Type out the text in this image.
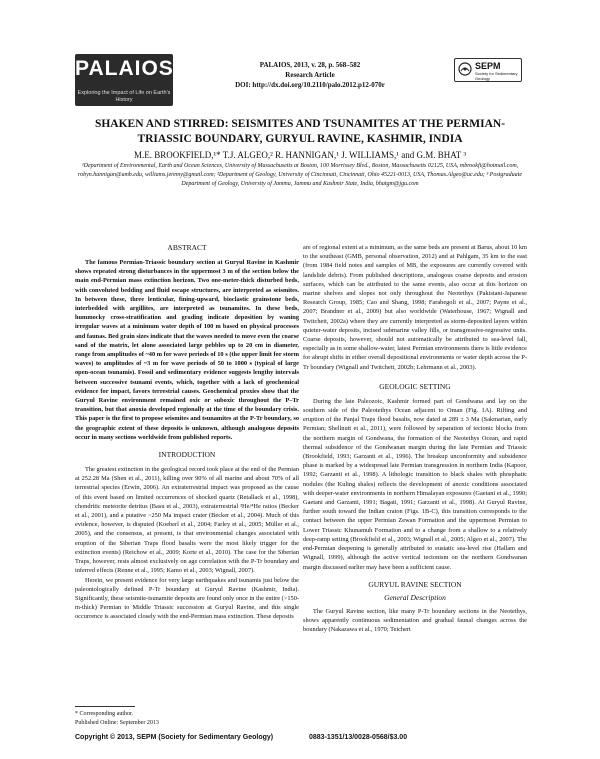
PALAIOS
Exploring the Impact of Life on Earth's History
PALAIOS, 2013, v. 28, p. 568–582
Research Article
DOI: http://dx.doi.org/10.2110/palo.2012.p12-070r
SEPM
Society for Sedimentary Geology
SHAKEN AND STIRRED: SEISMITES AND TSUNAMITES AT THE PERMIAN-TRIASSIC BOUNDARY, GURYUL RAVINE, KASHMIR, INDIA
M.E. BROOKFIELD,¹* T.J. ALGEO,² R. HANNIGAN,¹ J. WILLIAMS,¹ and G.M. BHAT ³
¹Department of Environmental, Earth and Ocean Sciences, University of Massachusetts at Boston, 100 Morrissey Blvd., Boston, Massachusetts 02125, USA, mbrookfi@hotmail.com, robyn.hannigan@umb.edu, williams.jeremy@gmail.com; ²Department of Geology, University of Cincinnati, Cincinnati, Ohio 45221-0013, USA, Thomas.Algeo@uc.edu; ³ Postgraduate Department of Geology, University of Jammu, Jammu and Kashmir State, India, bhatgm@jgu.com
ABSTRACT

The famous Permian-Triassic boundary section at Guryul Ravine in Kashmir shows repeated strong disturbances in the uppermost 3 m of the section below the main end-Permian mass extinction horizon. Two one-meter-thick disturbed beds, with convoluted bedding and fluid escape structures, are interpreted as seismites. In between these, three lenticular, fining-upward, bioclastic grainstone beds, interbedded with argillites, are interpreted as tsunamites. In these beds, hummocky cross-stratification and grading indicate deposition by waning irregular waves at a minimum water depth of 100 m based on physical processes and faunas. Bed grain sizes indicate that the waves needed to move even the coarse sand of the matrix, let alone associated large pebbles up to 20 cm in diameter, range from amplitudes of ~40 m for wave periods of 10 s (the upper limit for storm waves) to amplitudes of ~3 m for wave periods of 50 to 1000 s (typical of large open-ocean tsunamis). Fossil and sedimentary evidence suggests lengthy intervals between successive tsunami events, which, together with a lack of geochemical evidence for impact, favors terrestrial causes. Geochemical proxies show that the Guryul Ravine environment remained oxic or suboxic throughout the P–Tr transition, but that anoxia developed regionally at the time of the boundary crisis. This paper is the first to propose seismites and tsunamites at the P-Tr boundary, so the geographic extent of these deposits is unknown, although analogous deposits occur in many sections worldwide from published reports.

INTRODUCTION

The greatest extinction in the geological record took place at the end of the Permian at 252.28 Ma (Shen et al., 2011), killing over 90% of all marine and about 70% of all terrestrial species (Erwin, 2006). An extraterrestrial impact was proposed as the cause of this event based on limited occurrences of shocked quartz (Retallack et al., 1998), chondritic meteorite detritus (Basu et al., 2003), extraterrestrial ³He/⁴He ratios (Becker et al., 2001), and a putative ~250 Ma impact crater (Becker et al., 2004). Much of this evidence, however, is disputed (Koeberl et al., 2004; Farley et al., 2005; Müller et al., 2005), and the consensus, at present, is that environmental changes associated with eruption of the Siberian Traps flood basalts were the most likely trigger for the extinction events) (Reichow et al., 2009; Korte et al., 2010). The case for the Siberian Traps, however, rests almost exclusively on age correlation with the P-Tr boundary and inferred effects (Renne et al., 1995; Kamo et al., 2003; Wignall, 2007).

Herein, we present evidence for very large earthquakes and tsunamis just below the paleontologically defined P-Tr boundary at Guryul Ravine (Kashmir, India). Significantly, these seismite-tsunamite deposits are found only once in the entire (>150-m-thick) Permian to Middle Triassic succession at Guryul Ravine, and this single occurrence is associated closely with the end-Permian mass extinction. These deposits

* Corresponding author.
Published Online: September 2013

are of regional extent at a minimum, as the same beds are present at Barus, about 10 km to the southeast (GMB, personal observation, 2012) and at Pahlgam, 35 km to the east (from 1984 field notes and samples of MB, the exposures are currently covered with landslide debris). From published descriptions, analogous coarse deposits and erosion surfaces, which can be attributed to the same events, also occur at this horizon on marine shelves and slopes not only throughout the Neotethys (Pakistani-Japanese Research Group, 1985; Cao and Shang, 1998; Farabegoli et al., 2007; Payne et al., 2007; Brandner et al., 2009) but also worldwide (Waterhouse, 1967; Wignall and Twitchett, 2002a) where they are currently interpreted as storm-deposited layers within quieter-water deposits, incised submarine valley fills, or transgressive-regressive units. Coarse deposits, however, should not automatically be attributed to sea-level fall, especially as in some shallow-water, latest Permian environments there is little evidence for abrupt shifts in either overall depositional environments or water depth across the P-Tr boundary (Wignall and Twitchett, 2002b; Lehrmann et al., 2003).

GEOLOGIC SETTING

During the late Paleozoic, Kashmir formed part of Gondwana and lay on the southern side of the Paleotethys Ocean adjacent to Oman (Fig. 1A). Rifting and eruption of the Panjal Traps flood basalts, now dated at 289 ± 3 Ma (Sakmarian, early Permian; Shellnutt et al., 2011), were followed by separation of tectonic blocks from the northern margin of Gondwana, the formation of the Neotethys Ocean, and rapid thermal subsidence of the Gondwanan margin during the late Permian and Triassic (Brookfield, 1993; Garzanti et al., 1996). The breakup unconformity and subsidence phase is marked by a widespread late Permian transgression in northern India (Kapoor, 1992; Garzanti et al., 1998). A lithologic transition to black shales with phosphatic nodules (the Kuling shales) reflects the development of anoxic conditions associated with deeper-water environments in northern Himalayan exposures (Gaetani et al., 1990; Gaetani and Garzanti, 1991; Bagati, 1991; Garzanti et al., 1998). At Guryul Ravine, further south toward the Indian craton (Figs. 1B-C), this transition corresponds to the contact between the upper Permian Zewan Formation and the uppermost Permian to Lower Triassic Khunamuh Formation and to a change from a shallow to a relatively deep-ramp setting (Brookfield et al., 2003; Wignall et al., 2005; Algeo et al., 2007). The end-Permian deepening is generally attributed to eustatic sea-level rise (Hallam and Wignall, 1999), although the active vertical tectonism on the northern Gondwanan margin discussed earlier may have been a sufficient cause.

GURYUL RAVINE SECTION
General Description

The Guryul Ravine section, like many P-Tr boundary sections in the Neotethys, shows apparently continuous sedimentation and gradual faunal changes across the boundary (Nakazawa et al., 1970; Teichert

Copyright © 2013, SEPM (Society for Sedimentary Geology)	0883-1351/13/0028-0568/$3.00
